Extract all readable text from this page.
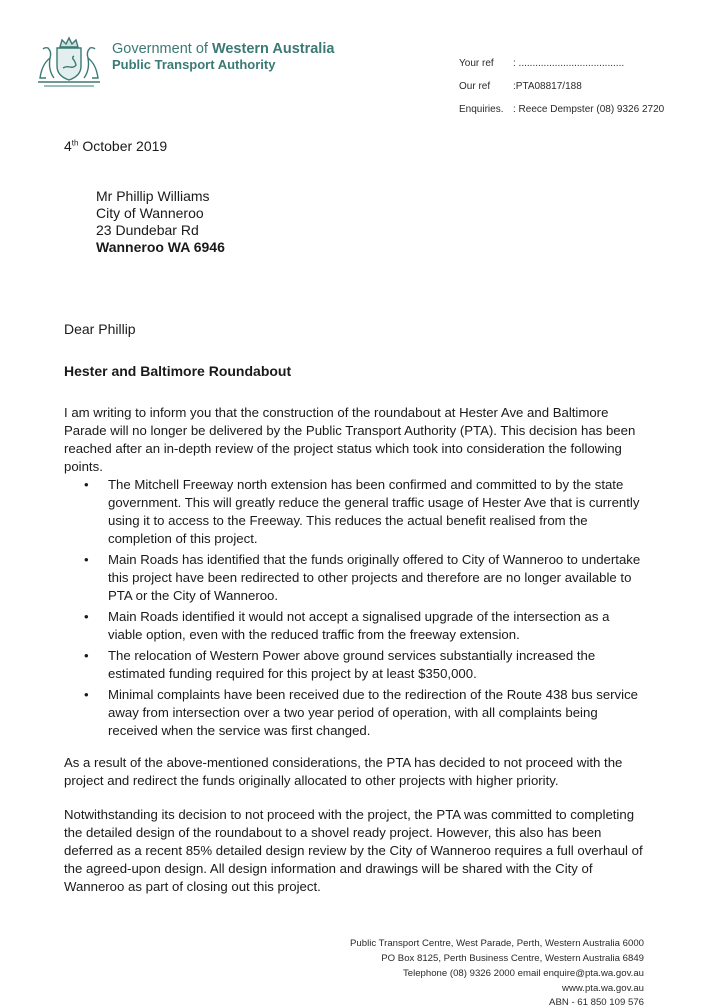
Government of Western Australia
Public Transport Authority	Your ref : ......................................
Our ref :PTA08817/188
Enquiries. : Reece Dempster (08) 9326 2720
4th October 2019
Mr Phillip Williams
City of Wanneroo
23 Dundebar Rd
Wanneroo WA 6946
Dear Phillip
Hester and Baltimore Roundabout

I am writing to inform you that the construction of the roundabout at Hester Ave and Baltimore Parade will no longer be delivered by the Public Transport Authority (PTA). This decision has been reached after an in-depth review of the project status which took into consideration the following points.

• The Mitchell Freeway north extension has been confirmed and committed to by the state government. This will greatly reduce the general traffic usage of Hester Ave that is currently using it to access to the Freeway. This reduces the actual benefit realised from the completion of this project.
• Main Roads has identified that the funds originally offered to City of Wanneroo to undertake this project have been redirected to other projects and therefore are no longer available to PTA or the City of Wanneroo.
• Main Roads identified it would not accept a signalised upgrade of the intersection as a viable option, even with the reduced traffic from the freeway extension.
• The relocation of Western Power above ground services substantially increased the estimated funding required for this project by at least $350,000.
• Minimal complaints have been received due to the redirection of the Route 438 bus service away from intersection over a two year period of operation, with all complaints being received when the service was first changed.

As a result of the above-mentioned considerations, the PTA has decided to not proceed with the project and redirect the funds originally allocated to other projects with higher priority.

Notwithstanding its decision to not proceed with the project, the PTA was committed to completing the detailed design of the roundabout to a shovel ready project. However, this also has been deferred as a recent 85% detailed design review by the City of Wanneroo requires a full overhaul of the agreed-upon design. All design information and drawings will be shared with the City of Wanneroo as part of closing out this project.

Public Transport Centre, West Parade, Perth, Western Australia 6000
PO Box 8125, Perth Business Centre, Western Australia 6849
Telephone (08) 9326 2000 email enquire@pta.wa.gov.au
www.pta.wa.gov.au
ABN - 61 850 109 576
